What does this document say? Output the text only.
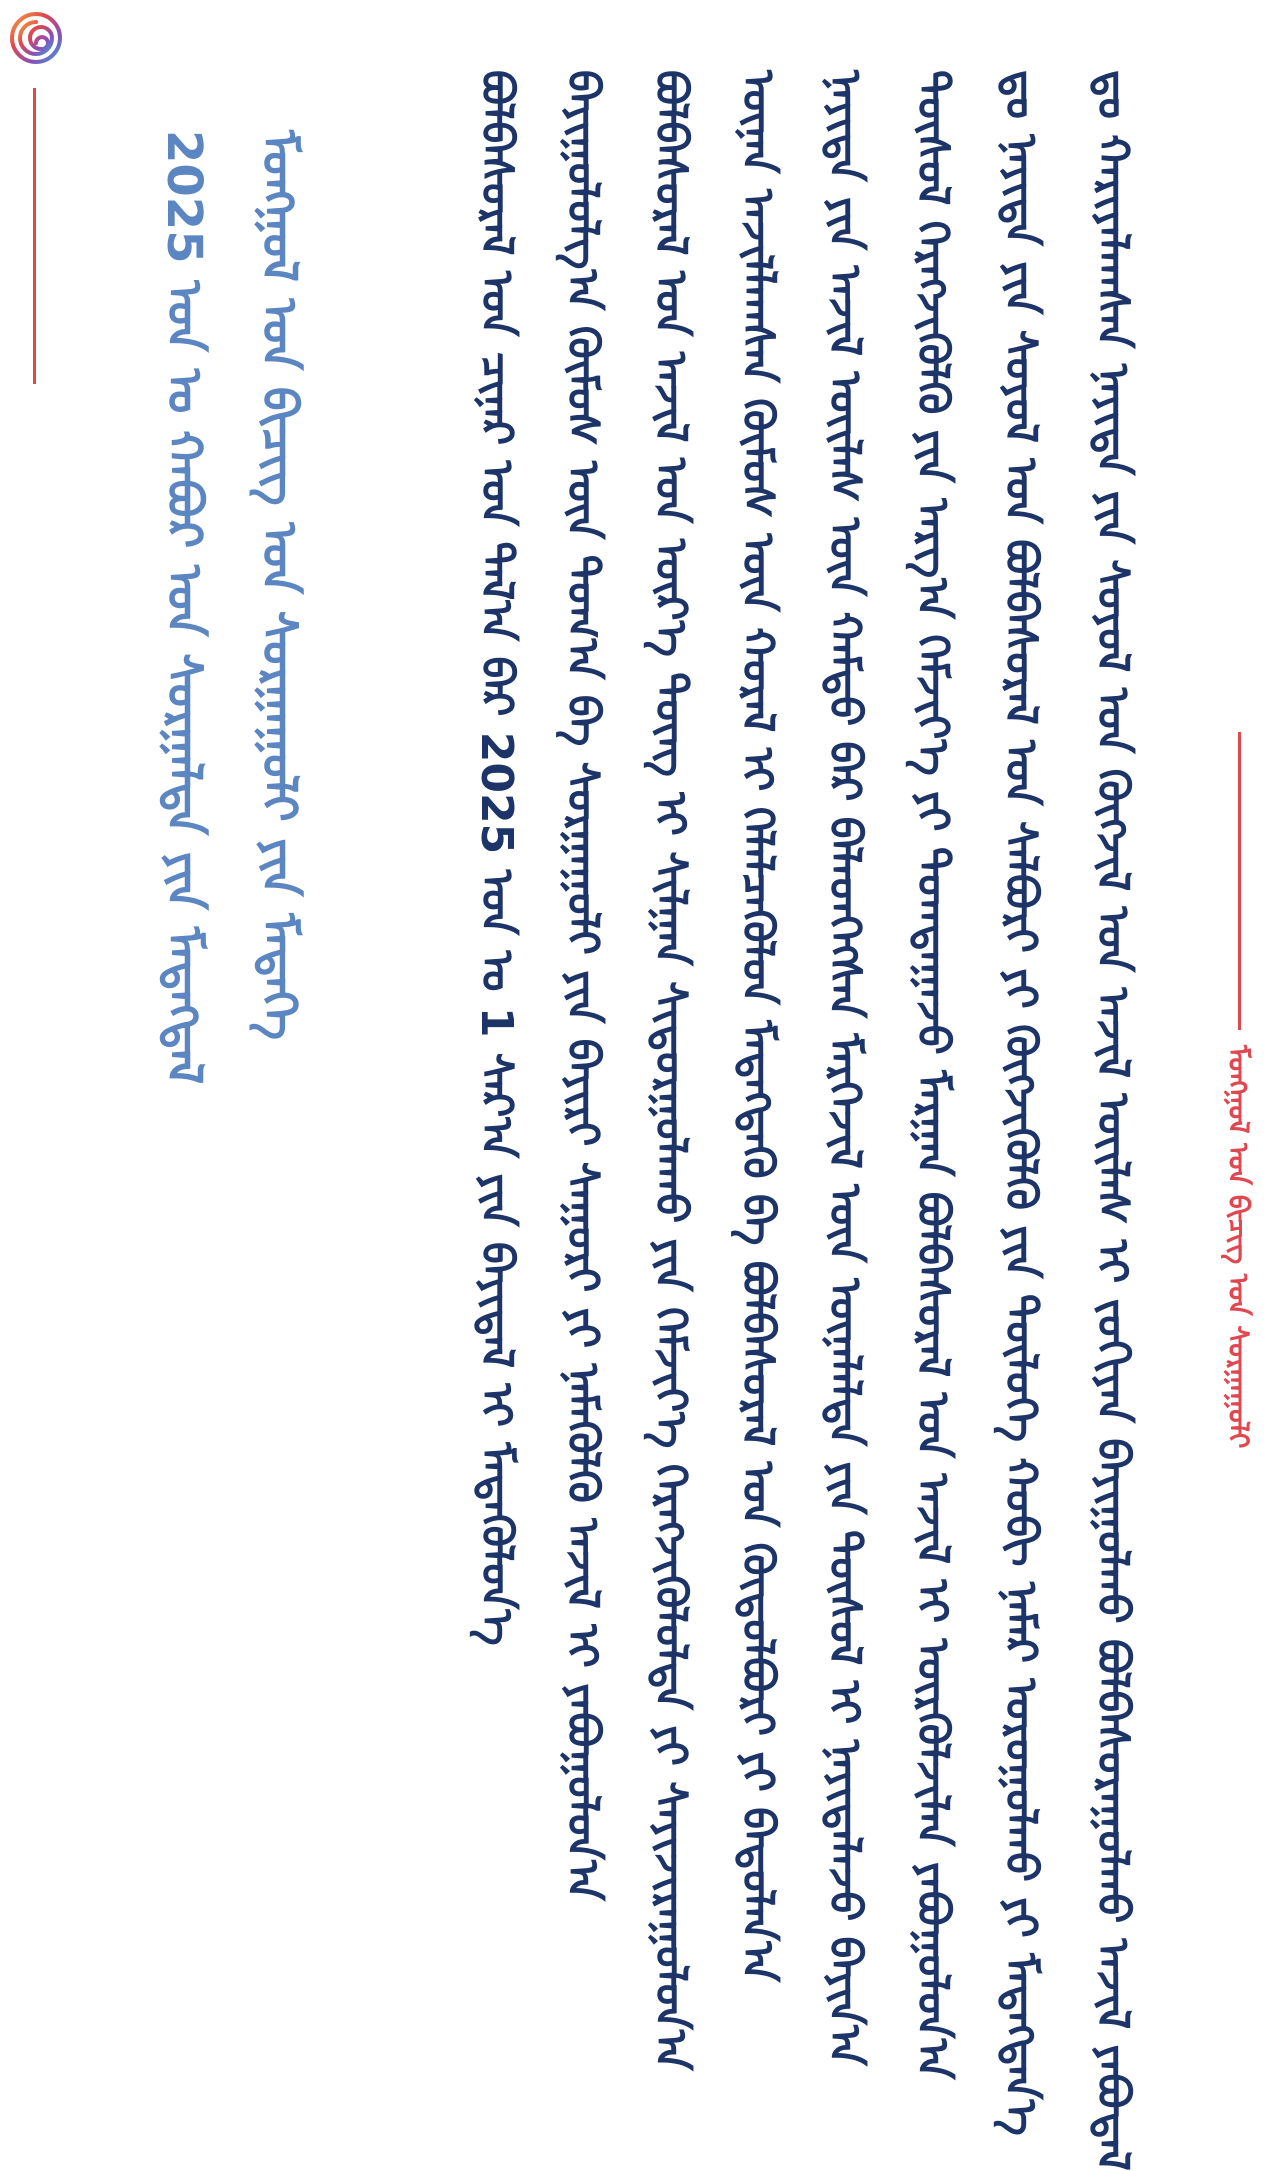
ᠮᠣᠩᠭᠣᠯ ᠤᠨ ᠪᠢᠴᠢᠭ ᠤᠨ ᠰᠤᠷᠭᠠᠭᠤᠯᠢ
ᠳᠤ ᠬᠠᠷᠢᠶᠠᠯᠠᠭᠰᠠᠨ ᠨᠡᠶᠢᠲᠡ ᠶᠢᠨ ᠰᠣᠶᠣᠯ ᠤᠨ ᠬᠥᠭᠵᠢᠯ ᠤᠨ ᠠᠵᠢᠯ ᠦᠢᠯᠡᠰ ᠢ ᠵᠣᠬᠢᠶᠠᠨ ᠪᠠᠶᠢᠭᠤᠯᠬᠤ ᠪᠣᠯᠪᠠᠰᠤᠷᠠᠭᠤᠯᠬᠤ ᠠᠵᠢᠯ ᠶᠠᠪᠤᠳᠠᠯ
ᠳᠤ ᠨᠡᠶᠢᠲᠡ ᠶᠢᠨ ᠰᠣᠶᠣᠯ ᠤᠨ ᠪᠣᠯᠪᠠᠰᠤᠷᠠᠯ ᠤᠨ ᠰᠠᠯᠪᠤᠷᠢ ᠶᠢ ᠬᠥᠭᠵᠢᠭᠦᠯᠬᠦ ᠶᠢᠨ ᠲᠥᠯᠥᠭᠡ ᠬᠤᠪᠢ ᠨᠡᠮᠡᠷ ᠣᠷᠣᠭᠤᠯᠬᠤ ᠶᠢ ᠮᠡᠳᠡᠭᠳᠡᠨ᠎ᠡ
ᠲᠥᠰᠥᠯ ᠬᠡᠷᠡᠭᠵᠢᠭᠦᠯᠬᠦ ᠶᠢᠨ ᠠᠷᠭ᠎ᠠ ᠬᠡᠮᠵᠢᠶ᠎ᠡ ᠶᠢ ᠲᠣᠭᠲᠠᠭᠠᠵᠤ ᠮᠠᠷᠭᠠᠨ ᠪᠣᠯᠪᠠᠰᠤᠷᠠᠯ ᠤᠨ ᠠᠵᠢᠯ ᠢ ᠦᠷᠭᠦᠯᠵᠢᠯᠡᠨ ᠶᠠᠪᠤᠭᠤᠯᠤᠨ᠎ᠠ
ᠨᠡᠶᠢᠲᠡ ᠶᠢᠨ ᠠᠵᠢᠯ ᠦᠢᠯᠡᠰ ᠦᠨ ᠬᠠᠮᠲᠤ ᠪᠡᠷ ᠪᠡᠯᠡᠳᠬᠡᠭᠰᠡᠨ ᠮᠡᠷᠭᠡᠵᠢᠯ ᠦᠨ ᠦᠨᠡᠯᠡᠯᠲᠡ ᠶᠢᠨ ᠲᠥᠰᠥᠯ ᠢ ᠨᠡᠶᠢᠲᠡᠯᠡᠵᠦ ᠪᠠᠶᠢᠨ᠎ᠠ
ᠦᠨᠡᠨ ᠠᠵᠢᠯᠯᠠᠭᠰᠠᠨ ᠬᠦᠮᠦᠰ ᠦᠨ ᠬᠤᠷᠠᠯ ᠢ ᠬᠡᠯᠡᠯᠴᠡᠭᠦᠯᠦᠨ ᠮᠡᠳᠡᠭᠳᠡᠬᠦ ᠪᠠ ᠪᠣᠯᠪᠠᠰᠤᠷᠠᠯ ᠤᠨ ᠬᠥᠲᠦᠯᠪᠦᠷᠢ ᠶᠢ ᠪᠠᠲᠤᠯᠠᠨ᠎ᠠ
ᠪᠣᠯᠪᠠᠰᠤᠷᠠᠯ ᠤᠨ ᠠᠵᠢᠯ ᠤᠨ ᠦᠷ᠎ᠡ ᠳᠦᠩ ᠢ ᠰᠢᠯᠭᠠᠨ ᠰᠢᠳᠤᠷᠭᠤᠯᠠᠬᠤ ᠶᠢᠨ ᠬᠡᠮᠵᠢᠶ᠎ᠡ ᠬᠡᠷᠡᠭᠵᠢᠭᠦᠯᠦᠯᠲᠡ ᠶᠢ ᠰᠠᠶᠢᠵᠢᠷᠠᠭᠤᠯᠤᠨ᠎ᠠ
ᠪᠠᠶᠢᠭᠤᠯᠤᠯᠭ᠎ᠠ ᠬᠦᠮᠦᠰ ᠦᠨ ᠲᠣᠭ᠎ᠠ ᠪᠠ ᠰᠤᠷᠭᠠᠭᠤᠯᠢ ᠶᠢᠨ ᠪᠠᠶᠢᠷᠢ ᠰᠠᠭᠤᠷᠢ ᠶᠢ ᠨᠡᠮᠡᠭᠦᠯᠬᠦ ᠠᠵᠢᠯ ᠢ ᠶᠠᠪᠤᠭᠤᠯᠤᠨ᠎ᠠ
ᠪᠣᠯᠪᠠᠰᠤᠷᠠᠯ ᠤᠨ ᠴᠢᠨᠠᠷ ᠤᠨ ᠲᠠᠯ᠎ᠠ ᠪᠠᠷ 2025 ᠣᠨ ᠤ 1 ᠰᠠᠷ᠎ᠠ ᠶᠢᠨ ᠪᠠᠶᠢᠳᠠᠯ ᠢ ᠮᠡᠳᠡᠭᠦᠯᠦᠨ᠎ᠡ
ᠮᠣᠩᠭᠣᠯ ᠤᠨ ᠪᠢᠴᠢᠭ ᠤᠨ ᠰᠤᠷᠭᠠᠭᠤᠯᠢ ᠶᠢᠨ ᠮᠡᠳᠡᠭᠡ
2025 ᠣᠨ ᠤ ᠬᠠᠪᠤᠷ ᠤᠨ ᠰᠤᠷᠭᠠᠯᠲᠠ ᠶᠢᠨ ᠮᠡᠳᠡᠭᠳᠡᠯ
